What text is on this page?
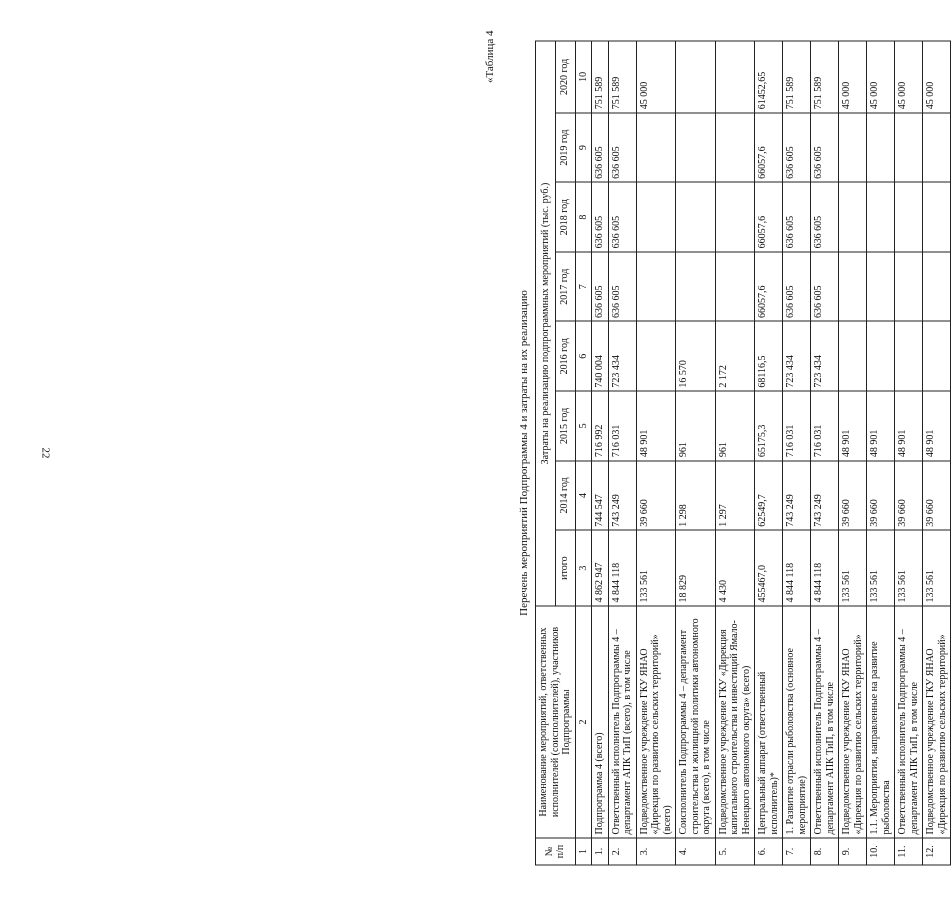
22
«Таблица 4
Перечень мероприятий Подпрограммы 4 и затраты на их реализацию
№ п/п	Наименование мероприятий, ответственных исполнителей (соисполнителей), участников Подпрограммы	Затраты на реализацию подпрограммных мероприятий (тыс. руб.)							
		итого	2014 год	2015 год	2016 год	2017 год	2018 год	2019 год	2020 год
1	2	3	4	5	6	7	8	9	10
1.	Подпрограмма 4 (всего)	4 862 947	744 547	716 992	740 004	636 605	636 605	636 605	751 589
2.	Ответственный исполнитель Подпрограммы 4 – департамент АПК ТиП (всего), в том числе	4 844 118	743 249	716 031	723 434	636 605	636 605	636 605	751 589
3.	Подведомственное учреждение ГКУ ЯНАО «Дирекция по развитию сельских территорий» (всего)	133 561	39 660	48 901					45 000
4.	Соисполнитель Подпрограммы 4 – департамент строительства и жилищной политики автономного округа (всего), в том числе	18 829	1 298	961	16 570				
5.	Подведомственное учреждение ГКУ «Дирекция капитального строительства и инвестиций Ямало-Ненецкого автономного округа» (всего)	4 430	1 297	961	2 172				
6.	Центральный аппарат (ответственный исполнитель)*	455467,0	62549,7	65175,3	68116,5	66057,6	66057,6	66057,6	61452,65
7.	1. Развитие отрасли рыболовства (основное мероприятие)	4 844 118	743 249	716 031	723 434	636 605	636 605	636 605	751 589
8.	Ответственный исполнитель Подпрограммы 4 – департамент АПК ТиП, в том числе	4 844 118	743 249	716 031	723 434	636 605	636 605	636 605	751 589
9.	Подведомственное учреждение ГКУ ЯНАО «Дирекция по развитию сельских территорий»	133 561	39 660	48 901					45 000
10.	1.1. Мероприятия, направленные на развитие рыболовства	133 561	39 660	48 901					45 000
11.	Ответственный исполнитель Подпрограммы 4 – департамент АПК ТиП, в том числе	133 561	39 660	48 901					45 000
12.	Подведомственное учреждение ГКУ ЯНАО «Дирекция по развитию сельских территорий»	133 561	39 660	48 901					45 000
